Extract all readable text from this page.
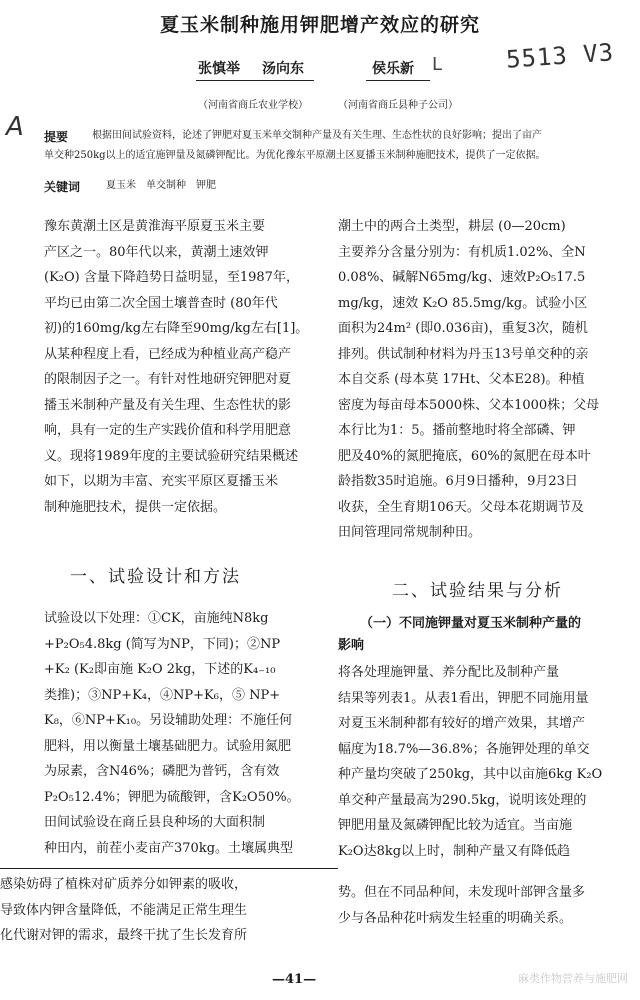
夏玉米制种施用钾肥增产效应的研究
张慎举 汤向东	侯乐新 ᒪ
（河南省商丘农业学校）	（河南省商丘县种子公司）
5513 V3
A 提要 根据田间试验资料，论述了钾肥对夏玉米单交制种产量及有关生理、生态性状的良好影响；提出了亩产
单交种250kg以上的适宜施钾量及氮磷钾配比。为优化豫东平原潮土区夏播玉米制种施肥技术，提供了一定依据。
关键词	夏玉米　单交制种　钾肥
豫东黄潮土区是黄淮海平原夏玉米主要
产区之一。80年代以来，黄潮土速效钾
(K₂O) 含量下降趋势日益明显，至1987年，
平均已由第二次全国土壤普查时 (80年代
初)的160mg/kg左右降至90mg/kg左右[1]。
从某种程度上看，已经成为种植业高产稳产
的限制因子之一。有针对性地研究钾肥对夏
播玉米制种产量及有关生理、生态性状的影
响，具有一定的生产实践价值和科学用肥意
义。现将1989年度的主要试验研究结果概述
如下，以期为丰富、充实平原区夏播玉米
制种施肥技术，提供一定依据。
一、试验设计和方法
试验设以下处理：①CK，亩施纯N8kg
+P₂O₅4.8kg (简写为NP，下同)；②NP
+K₂ (K₂即亩施 K₂O 2kg，下述的K₄₋₁₀
类推)；③NP+K₄，④NP+K₆，⑤ NP+
K₈，⑥NP+K₁₀。另设辅助处理：不施任何
肥料，用以衡量土壤基础肥力。试验用氮肥
为尿素，含N46%；磷肥为普钙，含有效
P₂O₅12.4%；钾肥为硫酸钾，含K₂O50%。
田间试验设在商丘县良种场的大面积制
种田内，前茬小麦亩产370kg。土壤属典型
潮土中的两合土类型，耕层 (0—20cm)
主要养分含量分别为：有机质1.02%、全N
0.08%、碱解N65mg/kg、速效P₂O₅17.5
mg/kg，速效 K₂O 85.5mg/kg。试验小区
面积为24m² (即0.036亩)，重复3次，随机
排列。供试制种材料为丹玉13号单交种的亲
本自交系 (母本莫 17Ht、父本E28)。种植
密度为每亩母本5000株、父本1000株；父母
本行比为1：5。播前整地时将全部磷、钾
肥及40%的氮肥掩底，60%的氮肥在母本叶
龄指数35时追施。6月9日播种，9月23日
收获，全生育期106天。父母本花期调节及
田间管理同常规制种田。
二、试验结果与分析
（一）不同施钾量对夏玉米制种产量的
影响
将各处理施钾量、养分配比及制种产量
结果等列表1。从表1看出，钾肥不同施用量
对夏玉米制种都有较好的增产效果，其增产
幅度为18.7%—36.8%；各施钾处理的单交
种产量均突破了250kg，其中以亩施6kg K₂O
单交种产量最高为290.5kg，说明该处理的
钾肥用量及氮磷钾配比较为适宜。当亩施
K₂O达8kg以上时，制种产量又有降低趋
感染妨碍了植株对矿质养分如钾素的吸收，
导致体内钾含量降低，不能满足正常生理生
化代谢对钾的需求，最终干扰了生长发育所
势。但在不同品种间，未发现叶部钾含量多
少与各品种花叶病发生轻重的明确关系。
—41—	麻类作物营养与施肥网
